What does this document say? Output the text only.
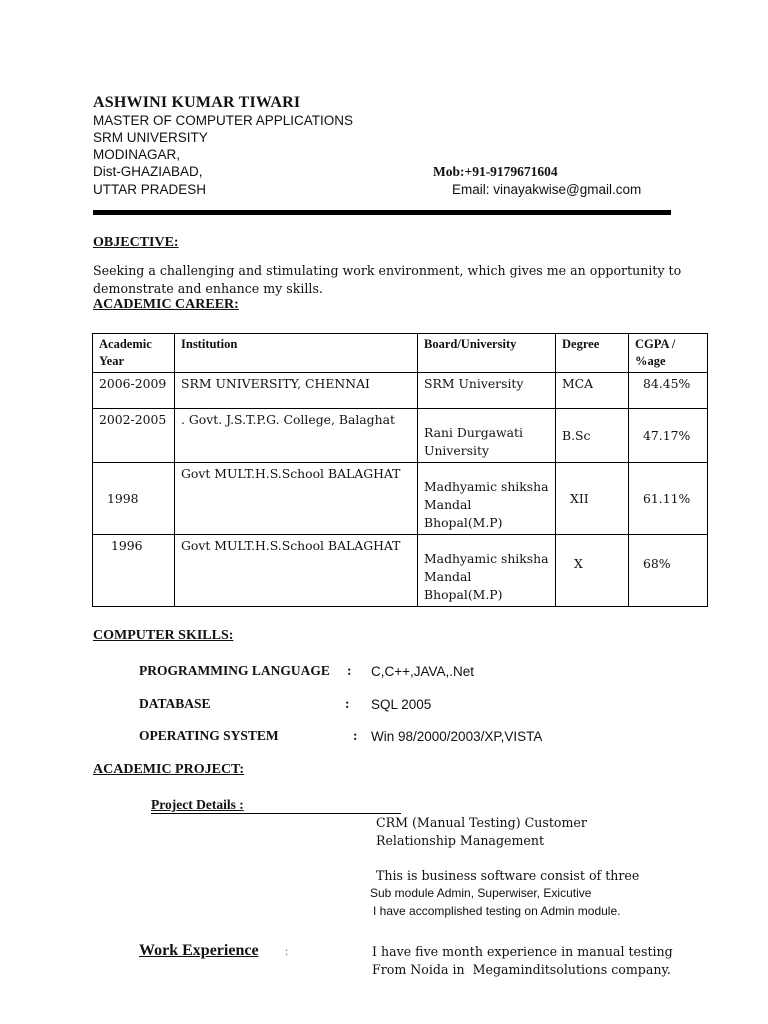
ASHWINI KUMAR TIWARI
MASTER OF COMPUTER APPLICATIONS
SRM UNIVERSITY
MODINAGAR,
Dist-GHAZIABAD,
UTTAR PRADESH
Mob:+91-9179671604
Email: vinayakwise@gmail.com
OBJECTIVE:
Seeking a challenging and stimulating work environment, which gives me an opportunity to demonstrate and enhance my skills.
ACADEMIC CAREER:
Academic Year	Institution	Board/University	Degree	CGPA / %age
2006-2009	SRM UNIVERSITY, CHENNAI	SRM University	MCA	84.45%
2002-2005	. Govt. J.S.T.P.G. College, Balaghat	Rani Durgawati University	B.Sc	47.17%
1998	Govt MULT.H.S.School BALAGHAT	Madhyamic shiksha Mandal Bhopal(M.P)	XII	61.11%
1996	Govt MULT.H.S.School BALAGHAT	Madhyamic shiksha Mandal Bhopal(M.P)	X	68%
COMPUTER SKILLS:
PROGRAMMING LANGUAGE : C,C++,JAVA,.Net
DATABASE	: SQL 2005
OPERATING SYSTEM	: Win 98/2000/2003/XP,VISTA
ACADEMIC PROJECT:
Project Details :
CRM (Manual Testing) Customer
Relationship Management
This is business software consist of three
Sub module Admin, Superwiser, Exicutive
I have accomplished testing on Admin module.
Work Experience :	I have five month experience in manual testing
From Noida in  Megaminditsolutions company.
